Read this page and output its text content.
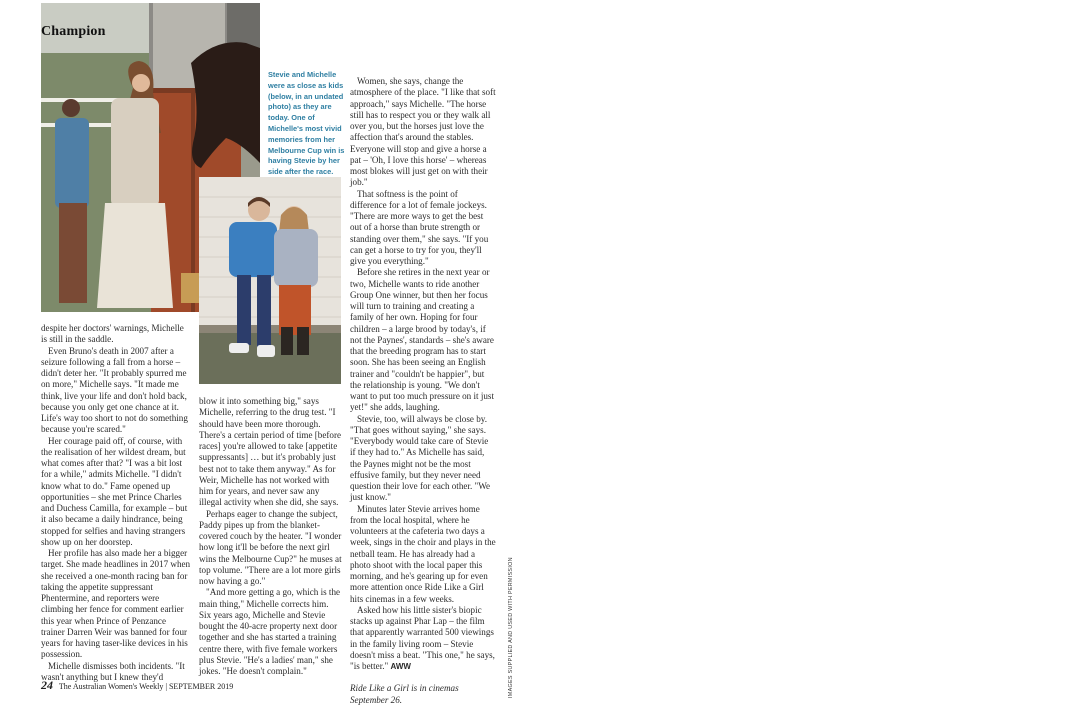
Champion
Stevie and Michelle were as close as kids (below, in an undated photo) as they are today. One of Michelle's most vivid memories from her Melbourne Cup win is having Stevie by her side after the race.

despite her doctors' warnings, Michelle is still in the saddle.

Even Bruno's death in 2007 after a seizure following a fall from a horse – didn't deter her. "It probably spurred me on more," Michelle says. "It made me think, live your life and don't hold back, because you only get one chance at it. Life's way too short to not do something because you're scared."

Her courage paid off, of course, with the realisation of her wildest dream, but what comes after that? "I was a bit lost for a while," admits Michelle. "I didn't know what to do." Fame opened up opportunities – she met Prince Charles and Duchess Camilla, for example – but it also became a daily hindrance, being stopped for selfies and having strangers show up on her doorstep.

Her profile has also made her a bigger target. She made headlines in 2017 when she received a one-month racing ban for taking the appetite suppressant Phentermine, and reporters were climbing her fence for comment earlier this year when Prince of Penzance trainer Darren Weir was banned for four years for having taser-like devices in his possession.

Michelle dismisses both incidents. "It wasn't anything but I knew they'd

blow it into something big," says Michelle, referring to the drug test. "I should have been more thorough. There's a certain period of time [before races] you're allowed to take [appetite suppressants] … but it's probably just best not to take them anyway." As for Weir, Michelle has not worked with him for years, and never saw any illegal activity when she did, she says.

Perhaps eager to change the subject, Paddy pipes up from the blanket-covered couch by the heater. "I wonder how long it'll be before the next girl wins the Melbourne Cup?" he muses at top volume. "There are a lot more girls now having a go."

"And more getting a go, which is the main thing," Michelle corrects him. Six years ago, Michelle and Stevie bought the 40-acre property next door together and she has started a training centre there, with five female workers plus Stevie. "He's a ladies' man," she jokes. "He doesn't complain."

Women, she says, change the atmosphere of the place. "I like that soft approach," says Michelle. "The horse still has to respect you or they walk all over you, but the horses just love the affection that's around the stables. Everyone will stop and give a horse a pat – 'Oh, I love this horse' – whereas most blokes will just get on with their job."

That softness is the point of difference for a lot of female jockeys. "There are more ways to get the best out of a horse than brute strength or standing over them," she says. "If you can get a horse to try for you, they'll give you everything."

Before she retires in the next year or two, Michelle wants to ride another Group One winner, but then her focus will turn to training and creating a family of her own. Hoping for four children – a large brood by today's, if not the Paynes', standards – she's aware that the breeding program has to start soon. She has been seeing an English trainer and "couldn't be happier", but the relationship is young. "We don't want to put too much pressure on it just yet!" she adds, laughing.

Stevie, too, will always be close by. "That goes without saying," she says. "Everybody would take care of Stevie if they had to." As Michelle has said, the Paynes might not be the most effusive family, but they never need question their love for each other. "We just know."

Minutes later Stevie arrives home from the local hospital, where he volunteers at the cafeteria two days a week, sings in the choir and plays in the netball team. He has already had a photo shoot with the local paper this morning, and he's gearing up for even more attention once Ride Like a Girl hits cinemas in a few weeks.

Asked how his little sister's biopic stacks up against Phar Lap – the film that apparently warranted 500 viewings in the family living room – Stevie doesn't miss a beat. "This one," he says, "is better." AWW

Ride Like a Girl is in cinemas September 26.

IMAGES SUPPLIED AND USED WITH PERMISSION
24 The Australian Women's Weekly | SEPTEMBER 2019
